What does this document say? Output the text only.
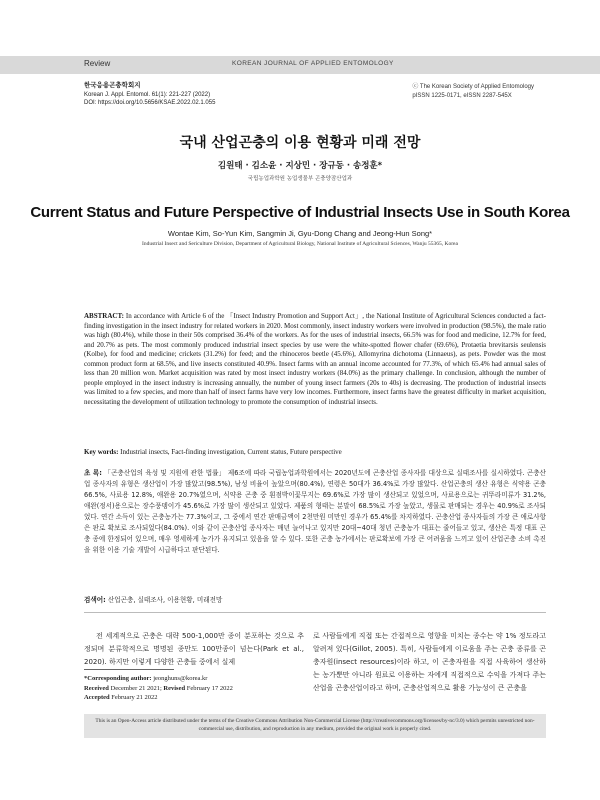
Review	KOREAN JOURNAL OF APPLIED ENTOMOLOGY
한국응용곤충학회지
Korean J. Appl. Entomol. 61(1): 221-227 (2022)
DOI: https://doi.org/10.5656/KSAE.2022.02.1.055
ⓒ The Korean Society of Applied Entomology
pISSN 1225-0171, eISSN 2287-545X
국내 산업곤충의 이용 현황과 미래 전망
김원태 · 김소윤 · 지상민 · 장규동 · 송정훈*
국립농업과학원 농업생물부 곤충양잠산업과
Current Status and Future Perspective of Industrial Insects Use in South Korea
Wontae Kim, So-Yun Kim, Sangmin Ji, Gyu-Dong Chang and Jeong-Hun Song*
Industrial Insect and Sericulture Division, Department of Agricultural Biology, National Institute of Agricultural Sciences, Wanju 55365, Korea

ABSTRACT: In accordance with Article 6 of the 「Insect Industry Promotion and Support Act」, the National Institute of Agricultural Sciences conducted a fact-finding investigation in the insect industry for related workers in 2020. Most commonly, insect industry workers were involved in production (98.5%), the male ratio was high (80.4%), while those in their 50s comprised 36.4% of the workers. As for the uses of industrial insects, 66.5% was for food and medicine, 12.7% for feed, and 20.7% as pets. The most commonly produced industrial insect species by use were the white-spotted flower chafer (69.6%), Protaetia brevitarsis seulensis (Kolbe), for food and medicine; crickets (31.2%) for feed; and the rhinoceros beetle (45.6%), Allomyrina dichotoma (Linnaeus), as pets. Powder was the most common product form at 68.5%, and live insects constituted 40.9%. Insect farms with an annual income accounted for 77.3%, of which 65.4% had annual sales of less than 20 million won. Market acquisition was rated by most insect industry workers (84.0%) as the primary challenge. In conclusion, although the number of people employed in the insect industry is increasing annually, the number of young insect farmers (20s to 40s) is decreasing. The production of industrial insects was limited to a few species, and more than half of insect farms have very low incomes. Furthermore, insect farms have the greatest difficulty in market acquisition, necessitating the development of utilization technology to promote the consumption of industrial insects.

Key words: Industrial insects, Fact-finding investigation, Current status, Future perspective

초 록: 「곤충산업의 육성 및 지원에 관한 법률」 제6조에 따라 국립농업과학원에서는 2020년도에 곤충산업 종사자를 대상으로 실태조사를 실시하였다. 곤충산업 종사자의 유형은 생산업이 가장 많았고(98.5%), 남성 비율이 높았으며(80.4%), 연령은 50대가 36.4%로 가장 많았다. 산업곤충의 생산 유형은 식약용 곤충 66.5%, 사료용 12.8%, 애완용 20.7%였으며, 식약용 곤충 중 흰점박이꽃무지는 69.6%로 가장 많이 생산되고 있었으며, 사료용으로는 귀뚜라미류가 31.2%, 애완(정서)용으로는 장수풍뎅이가 45.6%로 가장 많이 생산되고 있었다. 제품의 형태는 분말이 68.5%로 가장 높았고, 생물로 판매되는 경우는 40.9%로 조사되었다. 연간 소득이 있는 곤충농가는 77.3%이고, 그 중에서 연간 판매금액이 2천만원 미만인 경우가 65.4%를 차지하였다. 곤충산업 종사자들의 가장 큰 애로사항은 판로 확보로 조사되었다(84.0%). 이와 같이 곤충산업 종사자는 매년 늘어나고 있지만 20대~40대 청년 곤충농가 대표는 줄어들고 있고, 생산은 특정 대표 곤충 종에 한정되어 있으며, 매우 영세하게 농가가 유지되고 있음을 알 수 있다. 또한 곤충 농가에서는 판로확보에 가장 큰 어려움을 느끼고 있어 산업곤충 소비 촉진을 위한 이용 기술 개발이 시급하다고 판단된다.

검색어: 산업곤충, 실태조사, 이용현황, 미래전망

전 세계적으로 곤충은 대략 500-1,000만 종이 분포하는 것으로 추정되며 분류학적으로 명명된 종만도 100만종이 넘는다(Park et al., 2020). 하지만 이렇게 다양한 곤충들 중에서 실제

로 사람들에게 직접 또는 간접적으로 영향을 미치는 종수는 약 1% 정도라고 알려져 있다(Gillot, 2005). 특히, 사람들에게 이로움을 주는 곤충 종류를 곤충자원(insect resources)이라 하고, 이 곤충자원을 직접 사육하여 생산하는 농가뿐만 아니라 원료로 이용하는 자에게 직접적으로 수익을 가져다 주는 산업을 곤충산업이라고 하며, 곤충산업적으로 활용 가능성이 큰 곤충을

*Corresponding author: jeonghuns@korea.kr
Received December 21 2021; Revised February 17 2022
Accepted February 21 2022
This is an Open-Access article distributed under the terms of the Creative Commons Attribution Non-Commercial License (http://creativecommons.org/licenses/by-nc/3.0) which permits unrestricted non-commercial use, distribution, and reproduction in any medium, provided the original work is properly cited.
